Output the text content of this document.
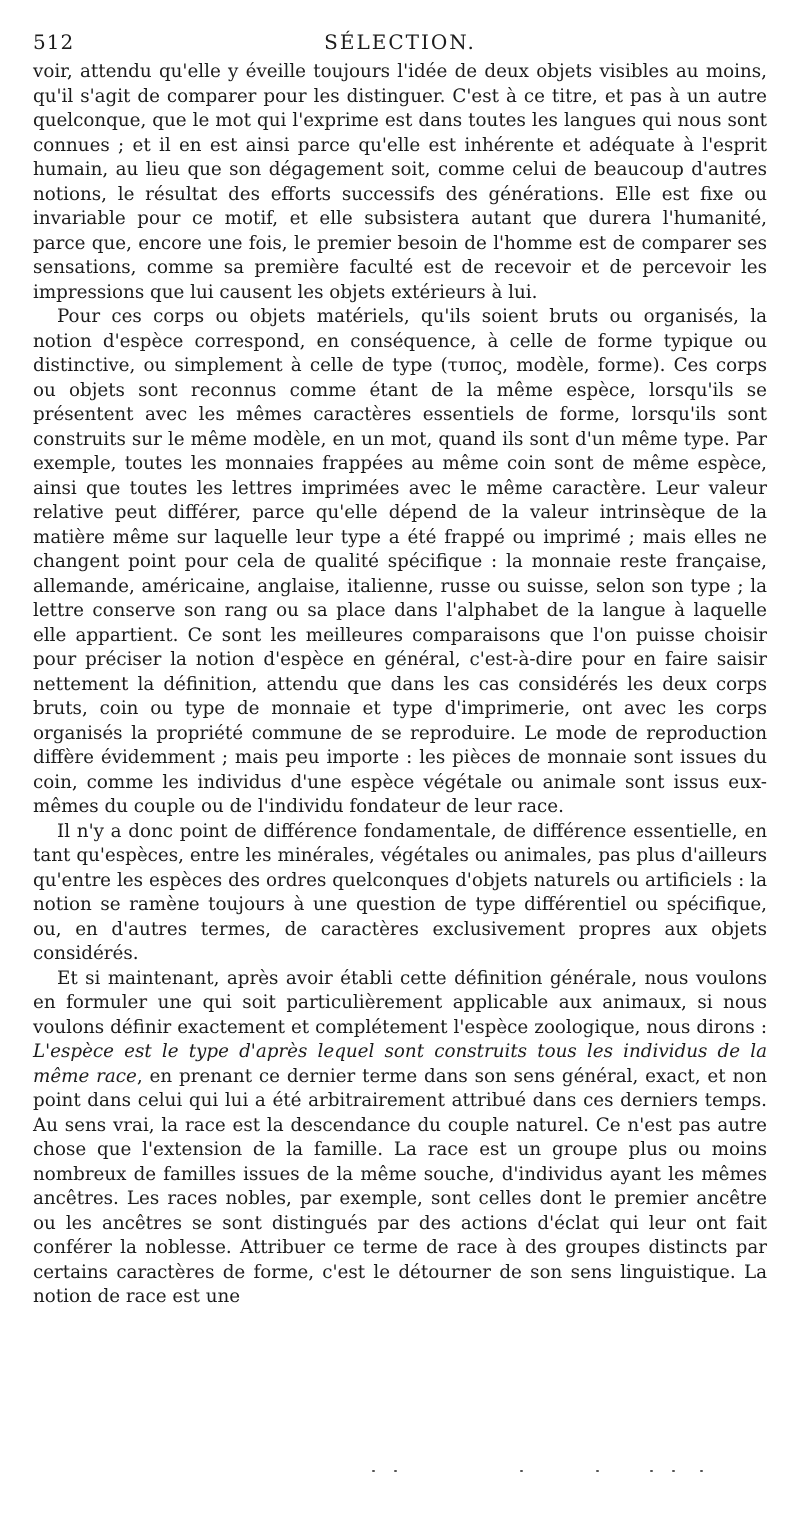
512	SÉLECTION.

voir, attendu qu'elle y éveille toujours l'idée de deux objets visibles au moins, qu'il s'agit de comparer pour les distinguer. C'est à ce titre, et pas à un autre quelconque, que le mot qui l'exprime est dans toutes les langues qui nous sont connues ; et il en est ainsi parce qu'elle est inhérente et adéquate à l'esprit humain, au lieu que son dégagement soit, comme celui de beaucoup d'autres notions, le résultat des efforts successifs des générations. Elle est fixe ou invariable pour ce motif, et elle subsistera autant que durera l'humanité, parce que, encore une fois, le premier besoin de l'homme est de comparer ses sensations, comme sa première faculté est de recevoir et de percevoir les impressions que lui causent les objets extérieurs à lui.

Pour ces corps ou objets matériels, qu'ils soient bruts ou organisés, la notion d'espèce correspond, en conséquence, à celle de forme typique ou distinctive, ou simplement à celle de type (τυπος, modèle, forme). Ces corps ou objets sont reconnus comme étant de la même espèce, lorsqu'ils se présentent avec les mêmes caractères essentiels de forme, lorsqu'ils sont construits sur le même modèle, en un mot, quand ils sont d'un même type. Par exemple, toutes les monnaies frappées au même coin sont de même espèce, ainsi que toutes les lettres imprimées avec le même caractère. Leur valeur relative peut différer, parce qu'elle dépend de la valeur intrinsèque de la matière même sur laquelle leur type a été frappé ou imprimé ; mais elles ne changent point pour cela de qualité spécifique : la monnaie reste française, allemande, américaine, anglaise, italienne, russe ou suisse, selon son type ; la lettre conserve son rang ou sa place dans l'alphabet de la langue à laquelle elle appartient. Ce sont les meilleures comparaisons que l'on puisse choisir pour préciser la notion d'espèce en général, c'est-à-dire pour en faire saisir nettement la définition, attendu que dans les cas considérés les deux corps bruts, coin ou type de monnaie et type d'imprimerie, ont avec les corps organisés la propriété commune de se reproduire. Le mode de reproduction diffère évidemment ; mais peu importe : les pièces de monnaie sont issues du coin, comme les individus d'une espèce végétale ou animale sont issus eux-mêmes du couple ou de l'individu fondateur de leur race.

Il n'y a donc point de différence fondamentale, de différence essentielle, en tant qu'espèces, entre les minérales, végétales ou animales, pas plus d'ailleurs qu'entre les espèces des ordres quelconques d'objets naturels ou artificiels : la notion se ramène toujours à une question de type différentiel ou spécifique, ou, en d'autres termes, de caractères exclusivement propres aux objets considérés.

Et si maintenant, après avoir établi cette définition générale, nous voulons en formuler une qui soit particulièrement applicable aux animaux, si nous voulons définir exactement et complétement l'espèce zoologique, nous dirons : L'espèce est le type d'après lequel sont construits tous les individus de la même race, en prenant ce dernier terme dans son sens général, exact, et non point dans celui qui lui a été arbitrairement attribué dans ces derniers temps. Au sens vrai, la race est la descendance du couple naturel. Ce n'est pas autre chose que l'extension de la famille. La race est un groupe plus ou moins nombreux de familles issues de la même souche, d'individus ayant les mêmes ancêtres. Les races nobles, par exemple, sont celles dont le premier ancêtre ou les ancêtres se sont distingués par des actions d'éclat qui leur ont fait conférer la noblesse. Attribuer ce terme de race à des groupes distincts par certains caractères de forme, c'est le détourner de son sens linguistique. La notion de race est une
